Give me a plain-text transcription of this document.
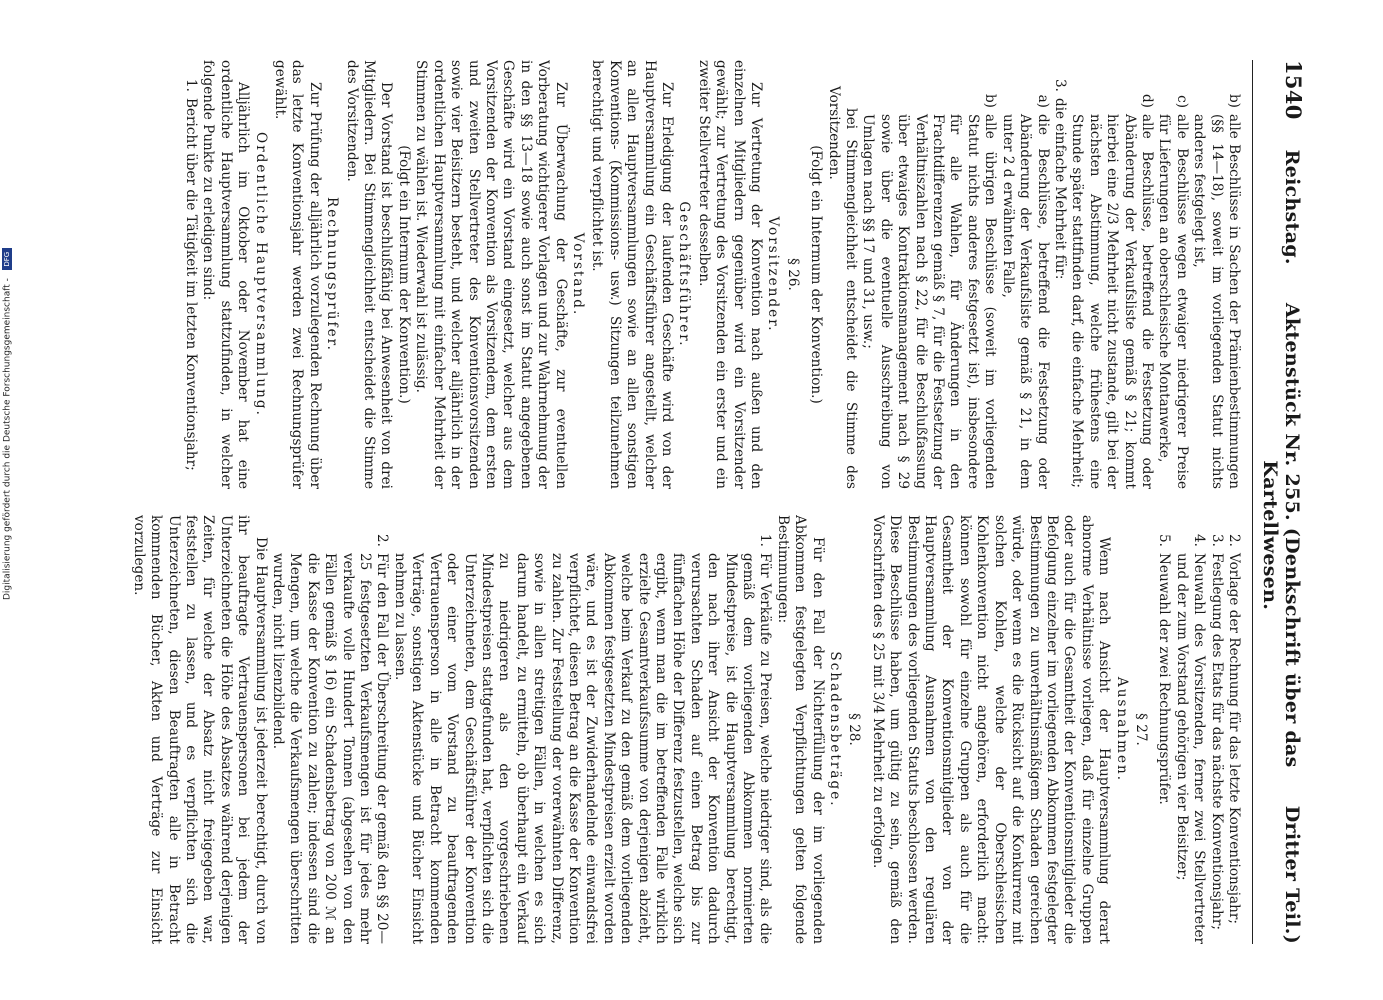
Digitalisierung gefördert durch die Deutsche Forschungsgemeinschaft - DFG
1540
Reichstag.
Aktenstück Nr. 255. (Denkschrift über das Kartellwesen.
Dritter Teil.)
b)
alle Beschlüsse in Sachen der Prämienbestimmungen (§§ 14—18), soweit im vorliegenden Statut nichts anderes festgelegt ist,
c)
alle Beschlüsse wegen etwaiger niedrigerer Preise für Lieferungen an oberschlesische Montanwerke,
d)
alle Beschlüsse, betreffend die Festsetzung oder Abänderung der Verkaufsliste gemäß § 21; kommt hierbei eine 2/3 Mehrheit nicht zustande, gilt bei der nächsten Abstimmung, welche frühestens eine Stunde später stattfinden darf, die einfache Mehrheit;
3.
die einfache Mehrheit für:
a)
die Beschlüsse, betreffend die Festsetzung oder Abänderung der Verkaufsliste gemäß § 21, in dem unter 2 d erwähnten Falle,
b)
alle übrigen Beschlüsse (soweit im vorliegenden Statut nichts anderes festgesetzt ist), insbesondere für alle Wahlen, für Änderungen in den Frachtdifferenzen gemäß § 7, für die Festsetzung der Verhältniszahlen nach § 22, für die Beschlußfassung über etwaiges Kontraktionsmanagement nach § 29 sowie über die eventuelle Ausschreibung von Umlagen nach §§ 17 und 31, usw.;

bei Stimmengleichheit entscheidet die Stimme des Vorsitzenden.

(Folgt ein Intermum der Konvention.)

§ 26.
Vorsitzender.

Zur Vertretung der Konvention nach außen und den einzelnen Mitgliedern gegenüber wird ein Vorsitzender gewählt; zur Vertretung des Vorsitzenden ein erster und ein zweiter Stellvertreter desselben.

Geschäftsführer.

Zur Erledigung der laufenden Geschäfte wird von der Hauptversammlung ein Geschäftsführer angestellt, welcher an allen Hauptversammlungen sowie an allen sonstigen Konventions- (Kommissions- usw.) Sitzungen teilzunehmen berechtigt und verpflichtet ist.

Vorstand.

Zur Überwachung der Geschäfte, zur eventuellen Vorberatung wichtigerer Vorlagen und zur Wahrnehmung der in den §§ 13—18 sowie auch sonst im Statut angegebenen Geschäfte wird ein Vorstand eingesetzt, welcher aus dem Vorsitzenden der Konvention als Vorsitzendem, dem ersten und zweiten Stellvertreter des Konventionsvorsitzenden sowie vier Beisitzern besteht, und welcher alljährlich in der ordentlichen Hauptversammlung mit einfacher Mehrheit der Stimmen zu wählen ist. Wiederwahl ist zulässig.

(Folgt ein Intermum der Konvention.)

Der Vorstand ist beschlußfähig bei Anwesenheit von drei Mitgliedern. Bei Stimmengleichheit entscheidet die Stimme des Vorsitzenden.

Rechnungsprüfer.

Zur Prüfung der alljährlich vorzulegenden Rechnung über das letzte Konventionsjahr werden zwei Rechnungsprüfer gewählt.

Ordentliche Hauptversammlung.

Alljährlich im Oktober oder November hat eine ordentliche Hauptversammlung stattzufinden, in welcher folgende Punkte zu erledigen sind:

1.
Bericht über die Tätigkeit im letzten Konventionsjahr;
2.
Vorlage der Rechnung für das letzte Konventionsjahr;
3.
Festlegung des Etats für das nächste Konventionsjahr;
4.
Neuwahl des Vorsitzenden, ferner zwei Stellvertreter und der zum Vorstand gehörigen vier Beisitzer;
5.
Neuwahl der zwei Rechnungsprüfer.
§ 27.
Ausnahmen.

Wenn nach Ansicht der Hauptversammlung derart abnorme Verhältnisse vorliegen, daß für einzelne Gruppen oder auch für die Gesamtheit der Konventionsmitglieder die Befolgung einzelner im vorliegenden Abkommen festgelegter Bestimmungen zu unverhältnismäßigem Schaden gereichen würde, oder wenn es die Rücksicht auf die Konkurrenz mit solchen Kohlen, welche der Oberschlesischen Kohlenkonvention nicht angehören, erforderlich macht: können sowohl für einzelne Gruppen als auch für die Gesamtheit der Konventionsmitglieder von der Hauptversammlung Ausnahmen von den regulären Bestimmungen des vorliegenden Statuts beschlossen werden. Diese Beschlüsse haben, um gültig zu sein, gemäß den Vorschriften des § 25 mit 3/4 Mehrheit zu erfolgen.

§ 28.
Schadensbeträge.

Für den Fall der Nichterfüllung der im vorliegenden Abkommen festgelegten Verpflichtungen gelten folgende Bestimmungen:

1.
Für Verkäufe zu Preisen, welche niedriger sind, als die gemäß dem vorliegenden Abkommen normierten Mindestpreise, ist die Hauptversammlung berechtigt, den nach ihrer Ansicht der Konvention dadurch verursachten Schaden auf einen Betrag bis zur fünffachen Höhe der Differenz festzustellen, welche sich ergibt, wenn man die im betreffenden Falle wirklich erzielte Gesamtverkaufssumme von derjenigen abzieht, welche beim Verkauf zu den gemäß dem vorliegenden Abkommen festgesetzten Mindestpreisen erzielt worden wäre, und es ist der Zuwiderhandelnde einwandsfrei verpflichtet, diesen Betrag an die Kasse der Konvention zu zahlen. Zur Feststellung der vorerwähnten Differenz, sowie in allen streitigen Fällen, in welchen es sich darum handelt, zu ermitteln, ob überhaupt ein Verkauf zu niedrigeren als den vorgeschriebenen Mindestpreisen stattgefunden hat, verpflichten sich die Unterzeichneten, dem Geschäftsführer der Konvention oder einer vom Vorstand zu beauftragenden Vertrauensperson in alle in Betracht kommenden Verträge, sonstigen Aktenstücke und Bücher Einsicht nehmen zu lassen.
2.
Für den Fall der Überschreitung der gemäß den §§ 20—25 festgesetzten Verkaufsmengen ist für jedes mehr verkaufte volle Hundert Tonnen (abgesehen von den Fällen gemäß § 16) ein Schadensbetrag von 200 ℳ an die Kasse der Konvention zu zahlen; indessen sind die Mengen, um welche die Verkaufsmengen überschritten wurden, nicht lizenzbildend.

Die Hauptversammlung ist jederzeit berechtigt, durch von ihr beauftragte Vertrauenspersonen bei jedem der Unterzeichneten die Höhe des Absatzes während derjenigen Zeiten, für welche der Absatz nicht freigegeben war, feststellen zu lassen, und es verpflichten sich die Unterzeichneten, diesen Beauftragten alle in Betracht kommenden Bücher, Akten und Verträge zur Einsicht vorzulegen.
